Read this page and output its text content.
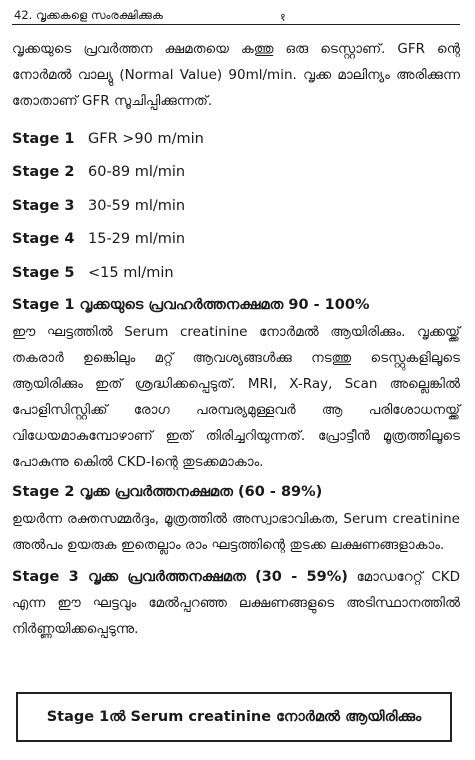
42. വൃക്കകളെ സംരക്ഷിക്കുക	१

വൃക്കയുടെ പ്രവർത്തന ക്ഷമതയെ കത്തു ഒരു ടെസ്റ്റാണ്. GFR ന്റെ നോർമൽ വാല്യു (Normal Value) 90ml/min. വൃക്ക മാലിന്യം അരിക്കുന്ന തോതാണ് GFR സൂചിപ്പിക്കുന്നത്.

Stage 1 GFR >90 m/min
Stage 2 60-89 ml/min
Stage 3 30-59 ml/min
Stage 4 15-29 ml/min
Stage 5 <15 ml/min
Stage 1 വൃക്കയുടെ പ്രവഹർത്തനക്ഷമത 90 - 100%

ഈ ഘട്ടത്തിൽ Serum creatinine നോർമൽ ആയിരിക്കും. വൃക്കയ്ക്ക് തകരാർ ഉങ്കെിലും മറ്റ് ആവശ്യങ്ങൾക്കു നടത്തു ടെസ്റ്റുകളിലൂടെ ആയിരിക്കും ഇത് ശ്രദ്ധിക്കപ്പെടുത്. MRI, X-Ray, Scan അല്ലെങ്കിൽ പോളിസിസ്റ്റിക്ക് രോഗ പരമ്പര്യമുള്ളവർ ആ പരിശോധനയ്ക്ക് വിധേയമാകുമ്പോഴാണ് ഇത് തിരിച്ചറിയുന്നത്. പ്രോട്ടീൻ മൂത്രത്തിലൂടെ പോകുന്നു കെിൽ CKD-Iന്റെ തുടക്കമാകാം.

Stage 2 വൃക്ക പ്രവർത്തനക്ഷമത (60 - 89%)

ഉയർന്ന രക്തസമ്മർദ്ദം, മൂത്രത്തിൽ അസ്വാഭാവികത, Serum creatinine അൽപം ഉയരുക ഇതെല്ലാം രാം ഘട്ടത്തിന്റെ തുടക്ക ലക്ഷണങ്ങളാകാം.

Stage 3 വൃക്ക പ്രവർത്തനക്ഷമത (30 - 59%) മോഡറേറ്റ് CKD എന്ന ഈ ഘട്ടവും മേൽപ്പറഞ്ഞ ലക്ഷണങ്ങളുടെ അടിസ്ഥാനത്തിൽ നിർണ്ണയിക്കപ്പെടുന്നു.

Stage 1ൽ Serum creatinine നോർമൽ ആയിരിക്കും
